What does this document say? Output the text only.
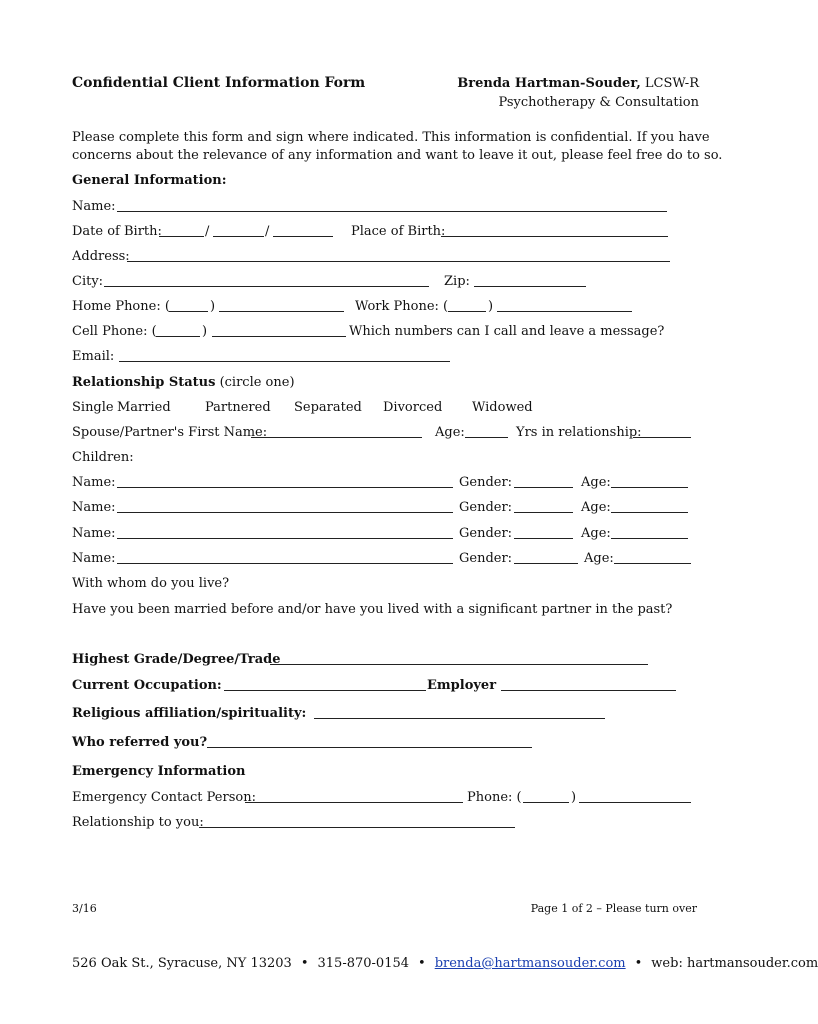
Confidential Client Information Form	Brenda Hartman-Souder, LCSW-R
Psychotherapy & Consultation
Please complete this form and sign where indicated. This information is confidential. If you have
concerns about the relevance of any information and want to leave it out, please feel free do to so.
General Information:
Name:
Date of Birth:	/	/	Place of Birth:
Address:
City:	Zip:
Home Phone: (	)	Work Phone: (	)
Cell Phone: (	)	Which numbers can I call and leave a message?
Email:
Relationship Status (circle one)
Single Married	Partnered Separated Divorced Widowed
Spouse/Partner's First Name:	Age:	Yrs in relationship:
Children:
Name:	Gender:	Age:
Name:	Gender:	Age:
Name:	Gender:	Age:
Name:	Gender:	Age:
With whom do you live?
Have you been married before and/or have you lived with a significant partner in the past?
Highest Grade/Degree/Trade
Current Occupation:	Employer
Religious affiliation/spirituality:
Who referred you?
Emergency Information
Emergency Contact Person:	Phone: (	)
Relationship to you:
3/16	Page 1 of 2 – Please turn over
526 Oak St., Syracuse, NY 13203 • 315-870-0154 • brenda@hartmansouder.com • web: hartmansouder.com
